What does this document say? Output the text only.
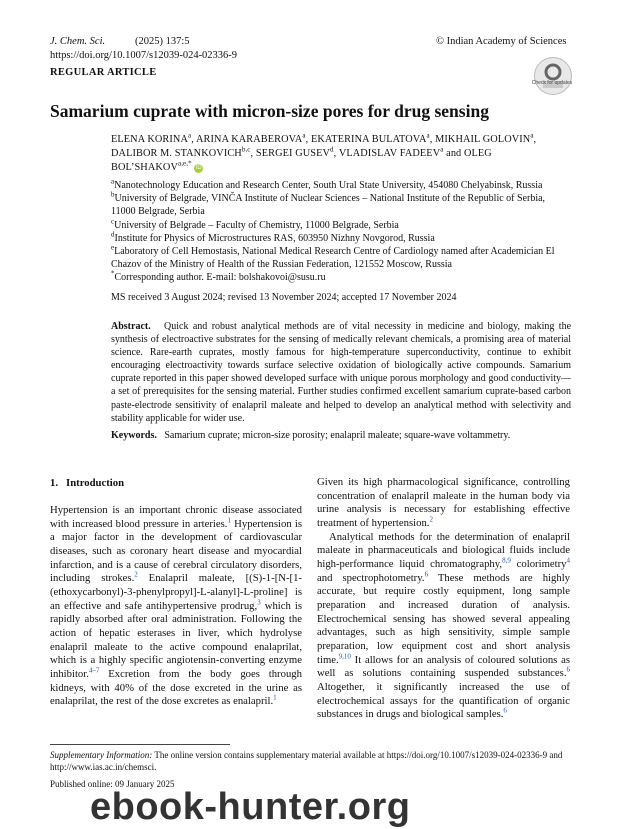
J. Chem. Sci.	(2025) 137:5
https://doi.org/10.1007/s12039-024-02336-9
© Indian Academy of Sciences
REGULAR ARTICLE
Check for updates
Samarium cuprate with micron-size pores for drug sensing
ELENA KORINA$^a$, ARINA KARABEROVA$^a$, EKATERINA BULATOVA$^a$, MIKHAIL GOLOVIN$^a$, DALIBOR M. STANKOVICH$^{b,c}$, SERGEI GUSEV$^d$, VLADISLAV FADEEV$^a$ and OLEG $BOL’SHAKOV^{a,e,*}$ iD
$^a$Nanotechnology Education and Research Center, South Ural State University, 454080 Chelyabinsk, Russia
$^b$University of Belgrade, VINČA Institute of Nuclear Sciences – National Institute of the Republic of Serbia, 11000 Belgrade, Serbia
$^c$University of Belgrade – Faculty of Chemistry, 11000 Belgrade, Serbia
$^d$Institute for Physics of Microstructures RAS, 603950 Nizhny Novgorod, Russia
$^e$Laboratory of Cell Hemostasis, National Medical Research Centre of Cardiology named after Academician El Chazov of the Ministry of Health of the Russian Federation, 121552 Moscow, Russia
*Corresponding author. E-mail: bolshakovoi@susu.ru
MS received 3 August 2024; revised 13 November 2024; accepted 17 November 2024
Abstract. Quick and robust analytical methods are of vital necessity in medicine and biology, making the synthesis of electroactive substrates for the sensing of medically relevant chemicals, a promising area of material science. Rare-earth cuprates, mostly famous for high-temperature superconductivity, continue to exhibit encouraging electroactivity towards surface selective oxidation of biologically active compounds. Samarium cuprate reported in this paper showed developed surface with unique porous morphology and good conductivity—a set of prerequisites for the sensing material. Further studies confirmed excellent samarium cuprate-based carbon paste-electrode sensitivity of enalapril maleate and helped to develop an analytical method with selectivity and stability applicable for wider use.
Keywords. Samarium cuprate; micron-size porosity; enalapril maleate; square-wave voltammetry.
1. Introduction

Hypertension is an important chronic disease associated with increased blood pressure in arteries.$^1$ Hypertension is a major factor in the development of cardiovascular diseases, such as coronary heart disease and myocardial infarction, and is a cause of cerebral circulatory disorders, including strokes.$^2$ Enalapril maleate, [(S)-1-[N-[1-(ethoxycarbonyl)-3-phenylpropyl]-L-alanyl]-L-proline] is an effective and safe antihypertensive prodrug,$^3$ which is rapidly absorbed after oral administration. Following the action of hepatic esterases in liver, which hydrolyse enalapril maleate to the active compound enalaprilat, which is a highly specific angiotensin-converting enzyme inhibitor.$^{4-7}$ Excretion from the body goes through kidneys, with 40% of the dose excreted in the urine as enalaprilat, the rest of the dose excretes as enalapril.$^1$

Given its high pharmacological significance, controlling concentration of enalapril maleate in the human body via urine analysis is necessary for establishing effective treatment of hypertension.$^2$

Analytical methods for the determination of enalapril maleate in pharmaceuticals and biological fluids include high-performance liquid chromatography,$^{8,9}$ colorimetry$^4$ and spectrophotometry.$^6$ These methods are highly accurate, but require costly equipment, long sample preparation and increased duration of analysis. Electrochemical sensing has showed several appealing advantages, such as high sensitivity, simple sample preparation, low equipment cost and short analysis time.$^{9,10}$ It allows for an analysis of coloured solutions as well as solutions containing suspended substances.$^6$ Altogether, it significantly increased the use of electrochemical assays for the quantification of organic substances in drugs and biological samples.$^6$

Supplementary Information: The online version contains supplementary material available at https://doi.org/10.1007/s12039-024-02336-9 and http://www.ias.ac.in/chemsci.
Published online: 09 January 2025
ebook-hunter.org
